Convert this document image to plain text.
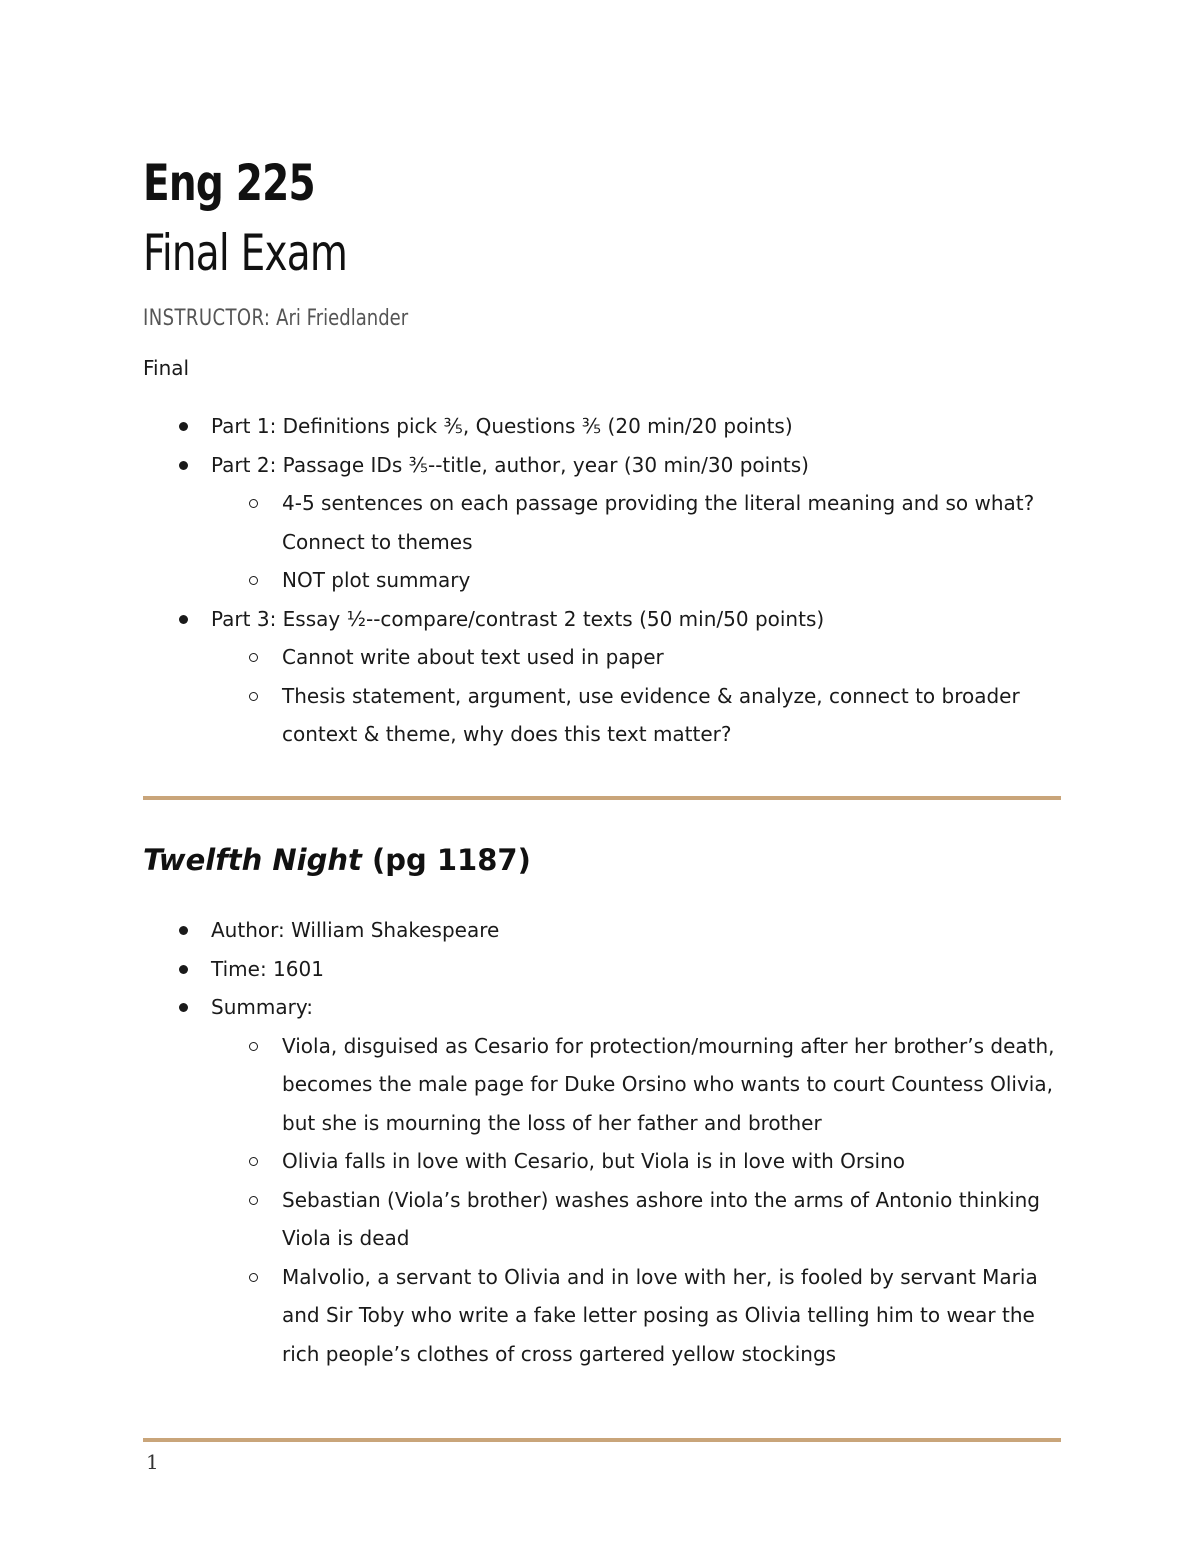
Eng 225
Final Exam
INSTRUCTOR: Ari Friedlander
Final
Part 1: Definitions pick ⅗, Questions ⅗ (20 min/20 points)
Part 2: Passage IDs ⅗--title, author, year (30 min/30 points)
4-5 sentences on each passage providing the literal meaning and so what? Connect to themes
NOT plot summary
Part 3: Essay ½--compare/contrast 2 texts (50 min/50 points)
Cannot write about text used in paper
Thesis statement, argument, use evidence & analyze, connect to broader context & theme, why does this text matter?
Twelfth Night (pg 1187)
Author: William Shakespeare
Time: 1601
Summary:
Viola, disguised as Cesario for protection/mourning after her brother’s death, becomes the male page for Duke Orsino who wants to court Countess Olivia, but she is mourning the loss of her father and brother
Olivia falls in love with Cesario, but Viola is in love with Orsino
Sebastian (Viola’s brother) washes ashore into the arms of Antonio thinking Viola is dead
Malvolio, a servant to Olivia and in love with her, is fooled by servant Maria and Sir Toby who write a fake letter posing as Olivia telling him to wear the rich people’s clothes of cross gartered yellow stockings
1
